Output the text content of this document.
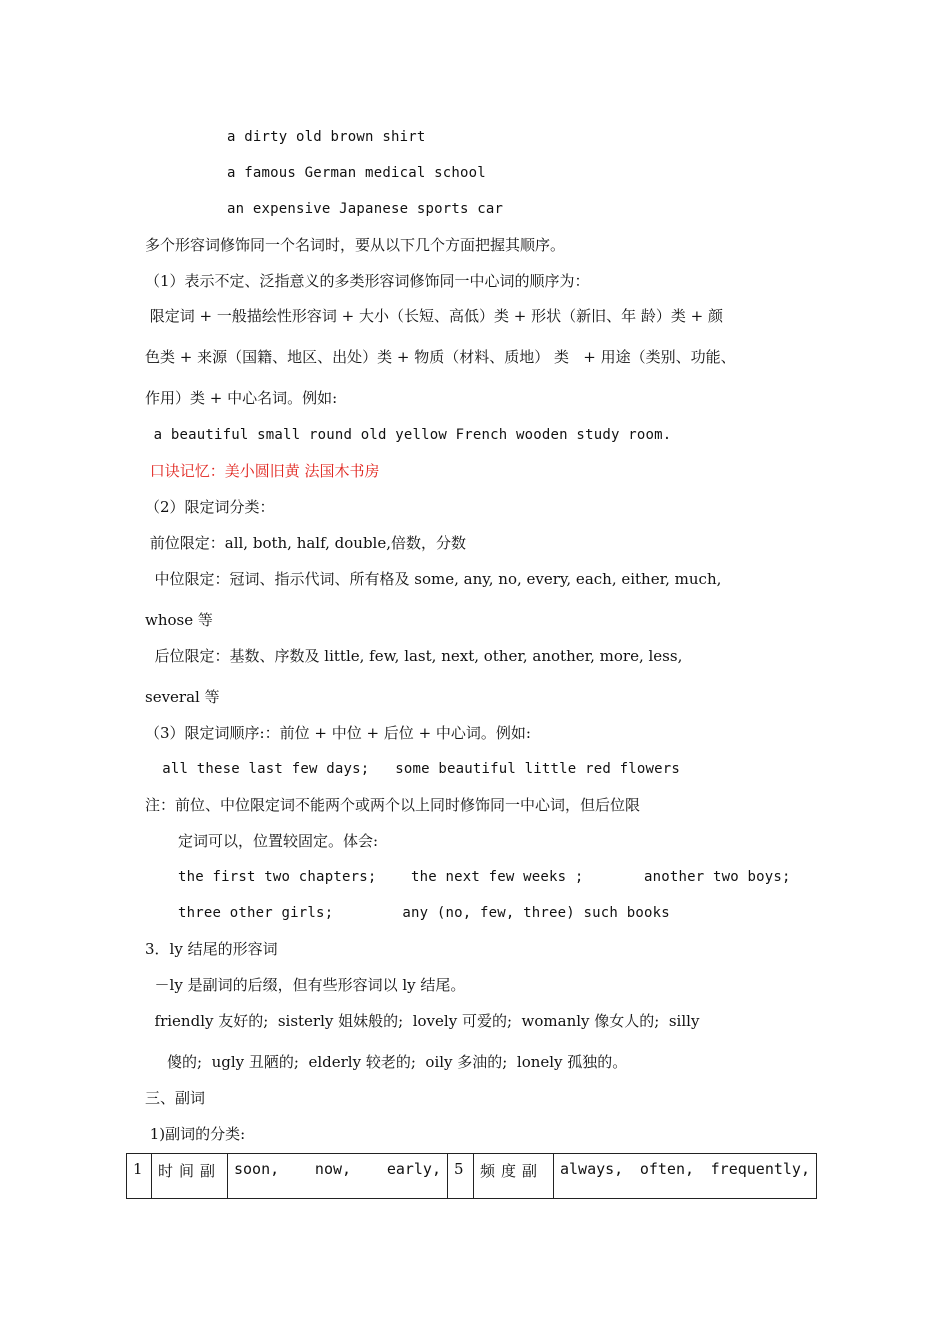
a dirty old brown shirt
a famous German medical school
an expensive Japanese sports car
多个形容词修饰同一个名词时，要从以下几个方面把握其顺序。
（1）表示不定、泛指意义的多类形容词修饰同一中心词的顺序为：
限定词 + 一般描绘性形容词 + 大小（长短、高低）类 + 形状（新旧、年 龄）类 + 颜
色类 + 来源（国籍、地区、出处）类 + 物质（材料、质地） 类   + 用途（类别、功能、
作用）类 + 中心名词。例如:
a beautiful small round old yellow French wooden study room.
口诀记忆：美小圆旧黄 法国木书房
（2）限定词分类：
前位限定：all, both, half, double,倍数，分数
中位限定：冠词、指示代词、所有格及 some, any, no, every, each, either, much,
whose 等
后位限定：基数、序数及 little, few, last, next, other, another, more, less,
several 等
（3）限定词顺序:：前位 + 中位 + 后位 + 中心词。例如:
all these last few days;   some beautiful little red flowers
注：前位、中位限定词不能两个或两个以上同时修饰同一中心词，但后位限
定词可以，位置较固定。体会:
the first two chapters;    the next few weeks ;       another two boys;
three other girls;        any (no, few, three) such books
3．ly 结尾的形容词
－ly 是副词的后缀，但有些形容词以 ly 结尾。
friendly 友好的;  sisterly 姐妹般的;  lovely 可爱的;  womanly 像女人的;  silly
傻的;  ugly 丑陋的;  elderly 较老的;  oily 多油的;  lonely 孤独的。
三、副词
1)副词的分类:
1	时间副	soon, now, early,	5	频度副	always, often, frequently,
